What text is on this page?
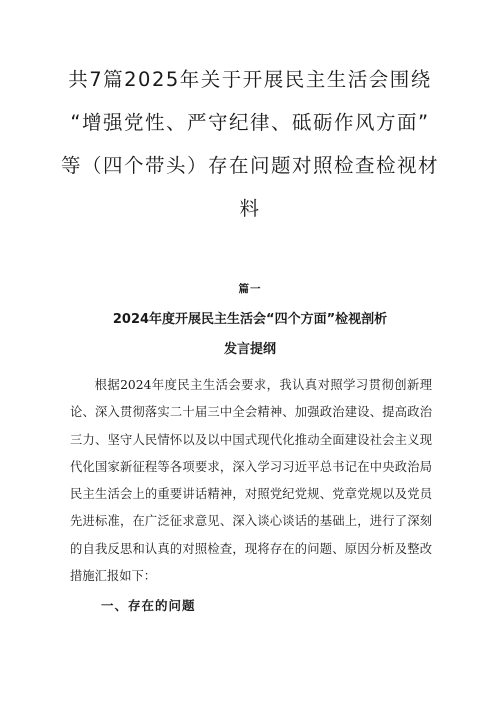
共7篇2025年关于开展民主生活会围绕
“增强党性、严守纪律、砥砺作风方面”
等（四个带头）存在问题对照检查检视材
料
篇一
2024年度开展民主生活会“四个方面”检视剖析
发言提纲

根据2024年度民主生活会要求，我认真对照学习贯彻创新理论、深入贯彻落实二十届三中全会精神、加强政治建设、提高政治三力、坚守人民情怀以及以中国式现代化推动全面建设社会主义现代化国家新征程等各项要求，深入学习习近平总书记在中央政治局民主生活会上的重要讲话精神，对照党纪党规、党章党规以及党员先进标准，在广泛征求意见、深入谈心谈话的基础上，进行了深刻的自我反思和认真的对照检查，现将存在的问题、原因分析及整改措施汇报如下：

一、存在的问题
